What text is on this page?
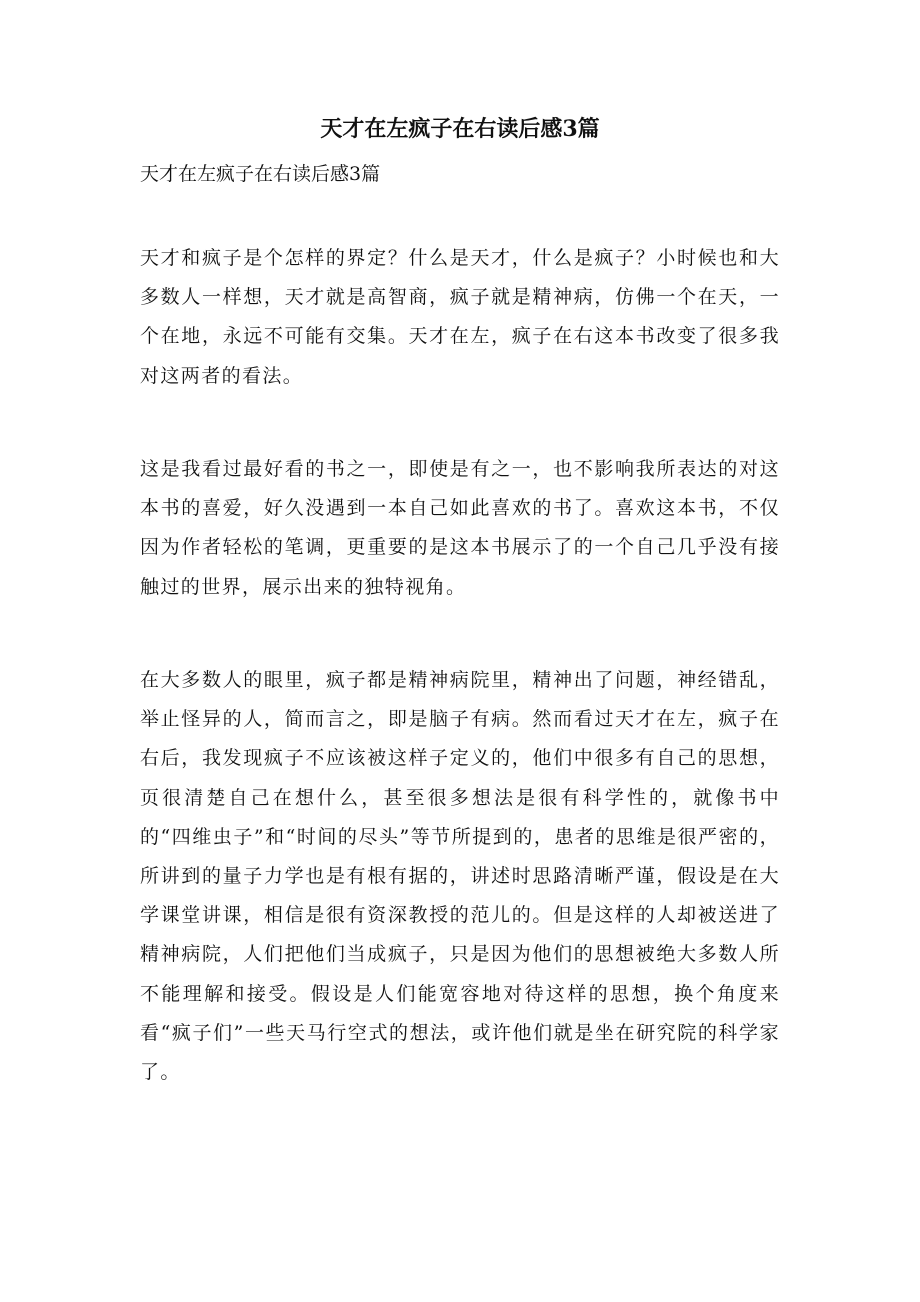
天才在左疯子在右读后感3篇
天才在左疯子在右读后感3篇
天才和疯子是个怎样的界定？什么是天才，什么是疯子？小时候也和大多数人一样想，天才就是高智商，疯子就是精神病，仿佛一个在天，一个在地，永远不可能有交集。天才在左，疯子在右这本书改变了很多我对这两者的看法。
这是我看过最好看的书之一，即使是有之一，也不影响我所表达的对这本书的喜爱，好久没遇到一本自己如此喜欢的书了。喜欢这本书，不仅因为作者轻松的笔调，更重要的是这本书展示了的一个自己几乎没有接触过的世界，展示出来的独特视角。
在大多数人的眼里，疯子都是精神病院里，精神出了问题，神经错乱，举止怪异的人，简而言之，即是脑子有病。然而看过天才在左，疯子在右后，我发现疯子不应该被这样子定义的，他们中很多有自己的思想，页很清楚自己在想什么，甚至很多想法是很有科学性的，就像书中的“四维虫子”和“时间的尽头”等节所提到的，患者的思维是很严密的，所讲到的量子力学也是有根有据的，讲述时思路清晰严谨，假设是在大学课堂讲课，相信是很有资深教授的范儿的。但是这样的人却被送进了精神病院，人们把他们当成疯子，只是因为他们的思想被绝大多数人所不能理解和接受。假设是人们能宽容地对待这样的思想，换个角度来看“疯子们”一些天马行空式的想法，或许他们就是坐在研究院的科学家了。
